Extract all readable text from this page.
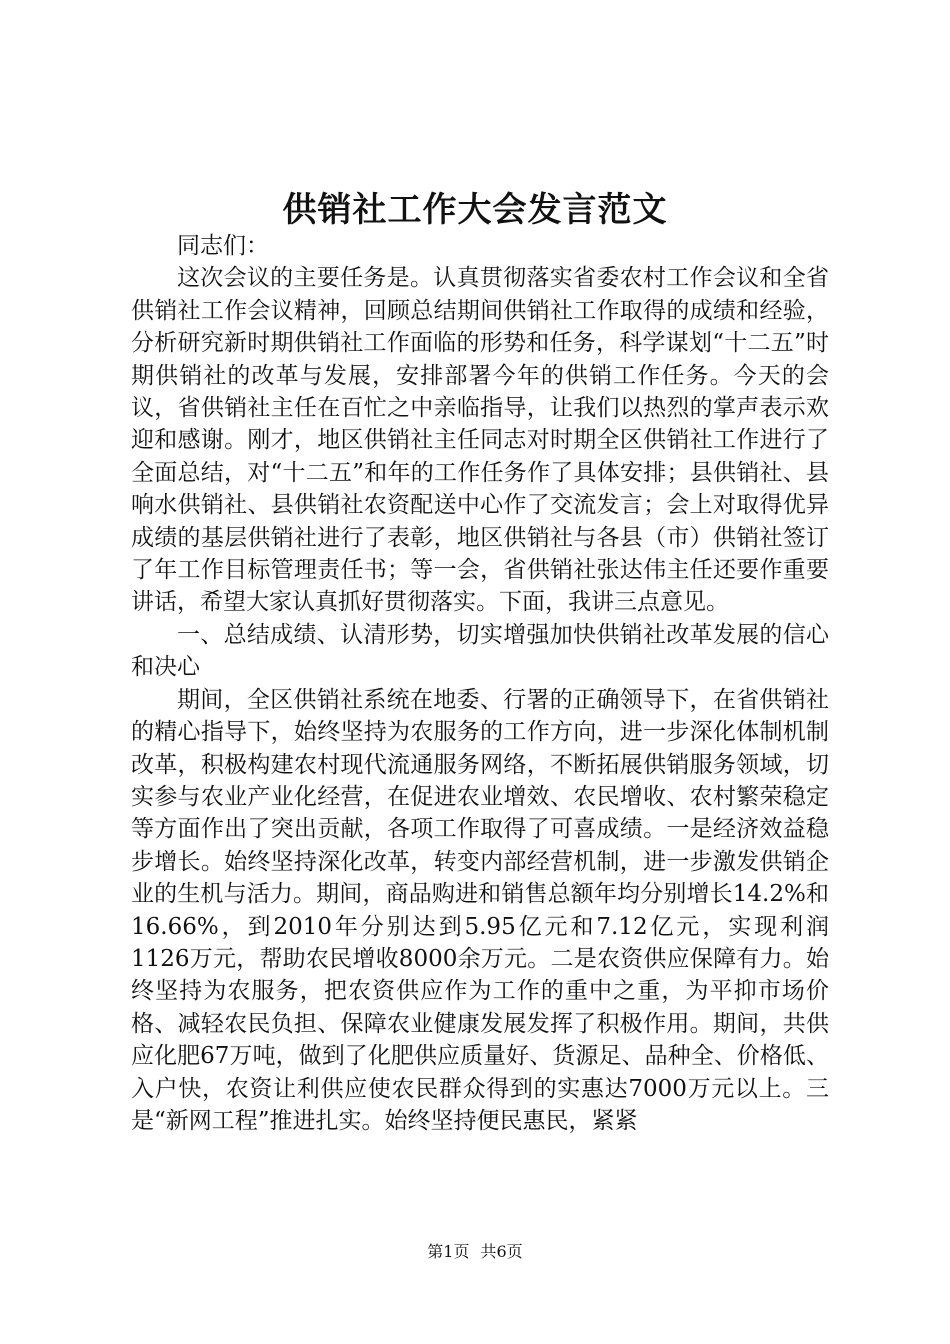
供销社工作大会发言范文

同志们：

这次会议的主要任务是。认真贯彻落实省委农村工作会议和全省供销社工作会议精神，回顾总结期间供销社工作取得的成绩和经验，分析研究新时期供销社工作面临的形势和任务，科学谋划“十二五”时期供销社的改革与发展，安排部署今年的供销工作任务。今天的会议，省供销社主任在百忙之中亲临指导，让我们以热烈的掌声表示欢迎和感谢。刚才，地区供销社主任同志对时期全区供销社工作进行了全面总结，对“十二五”和年的工作任务作了具体安排；县供销社、县响水供销社、县供销社农资配送中心作了交流发言；会上对取得优异成绩的基层供销社进行了表彰，地区供销社与各县（市）供销社签订了年工作目标管理责任书；等一会，省供销社张达伟主任还要作重要讲话，希望大家认真抓好贯彻落实。下面，我讲三点意见。

一、总结成绩、认清形势，切实增强加快供销社改革发展的信心和决心

期间，全区供销社系统在地委、行署的正确领导下，在省供销社的精心指导下，始终坚持为农服务的工作方向，进一步深化体制机制改革，积极构建农村现代流通服务网络，不断拓展供销服务领域，切实参与农业产业化经营，在促进农业增效、农民增收、农村繁荣稳定等方面作出了突出贡献，各项工作取得了可喜成绩。一是经济效益稳步增长。始终坚持深化改革，转变内部经营机制，进一步激发供销企业的生机与活力。期间，商品购进和销售总额年均分别增长14.2%和16.66%，到2010年分别达到5.95亿元和7.12亿元，实现利润1126万元，帮助农民增收8000余万元。二是农资供应保障有力。始终坚持为农服务，把农资供应作为工作的重中之重，为平抑市场价格、减轻农民负担、保障农业健康发展发挥了积极作用。期间，共供应化肥67万吨，做到了化肥供应质量好、货源足、品种全、价格低、入户快，农资让利供应使农民群众得到的实惠达7000万元以上。三是“新网工程”推进扎实。始终坚持便民惠民，紧紧

第1页 共6页
